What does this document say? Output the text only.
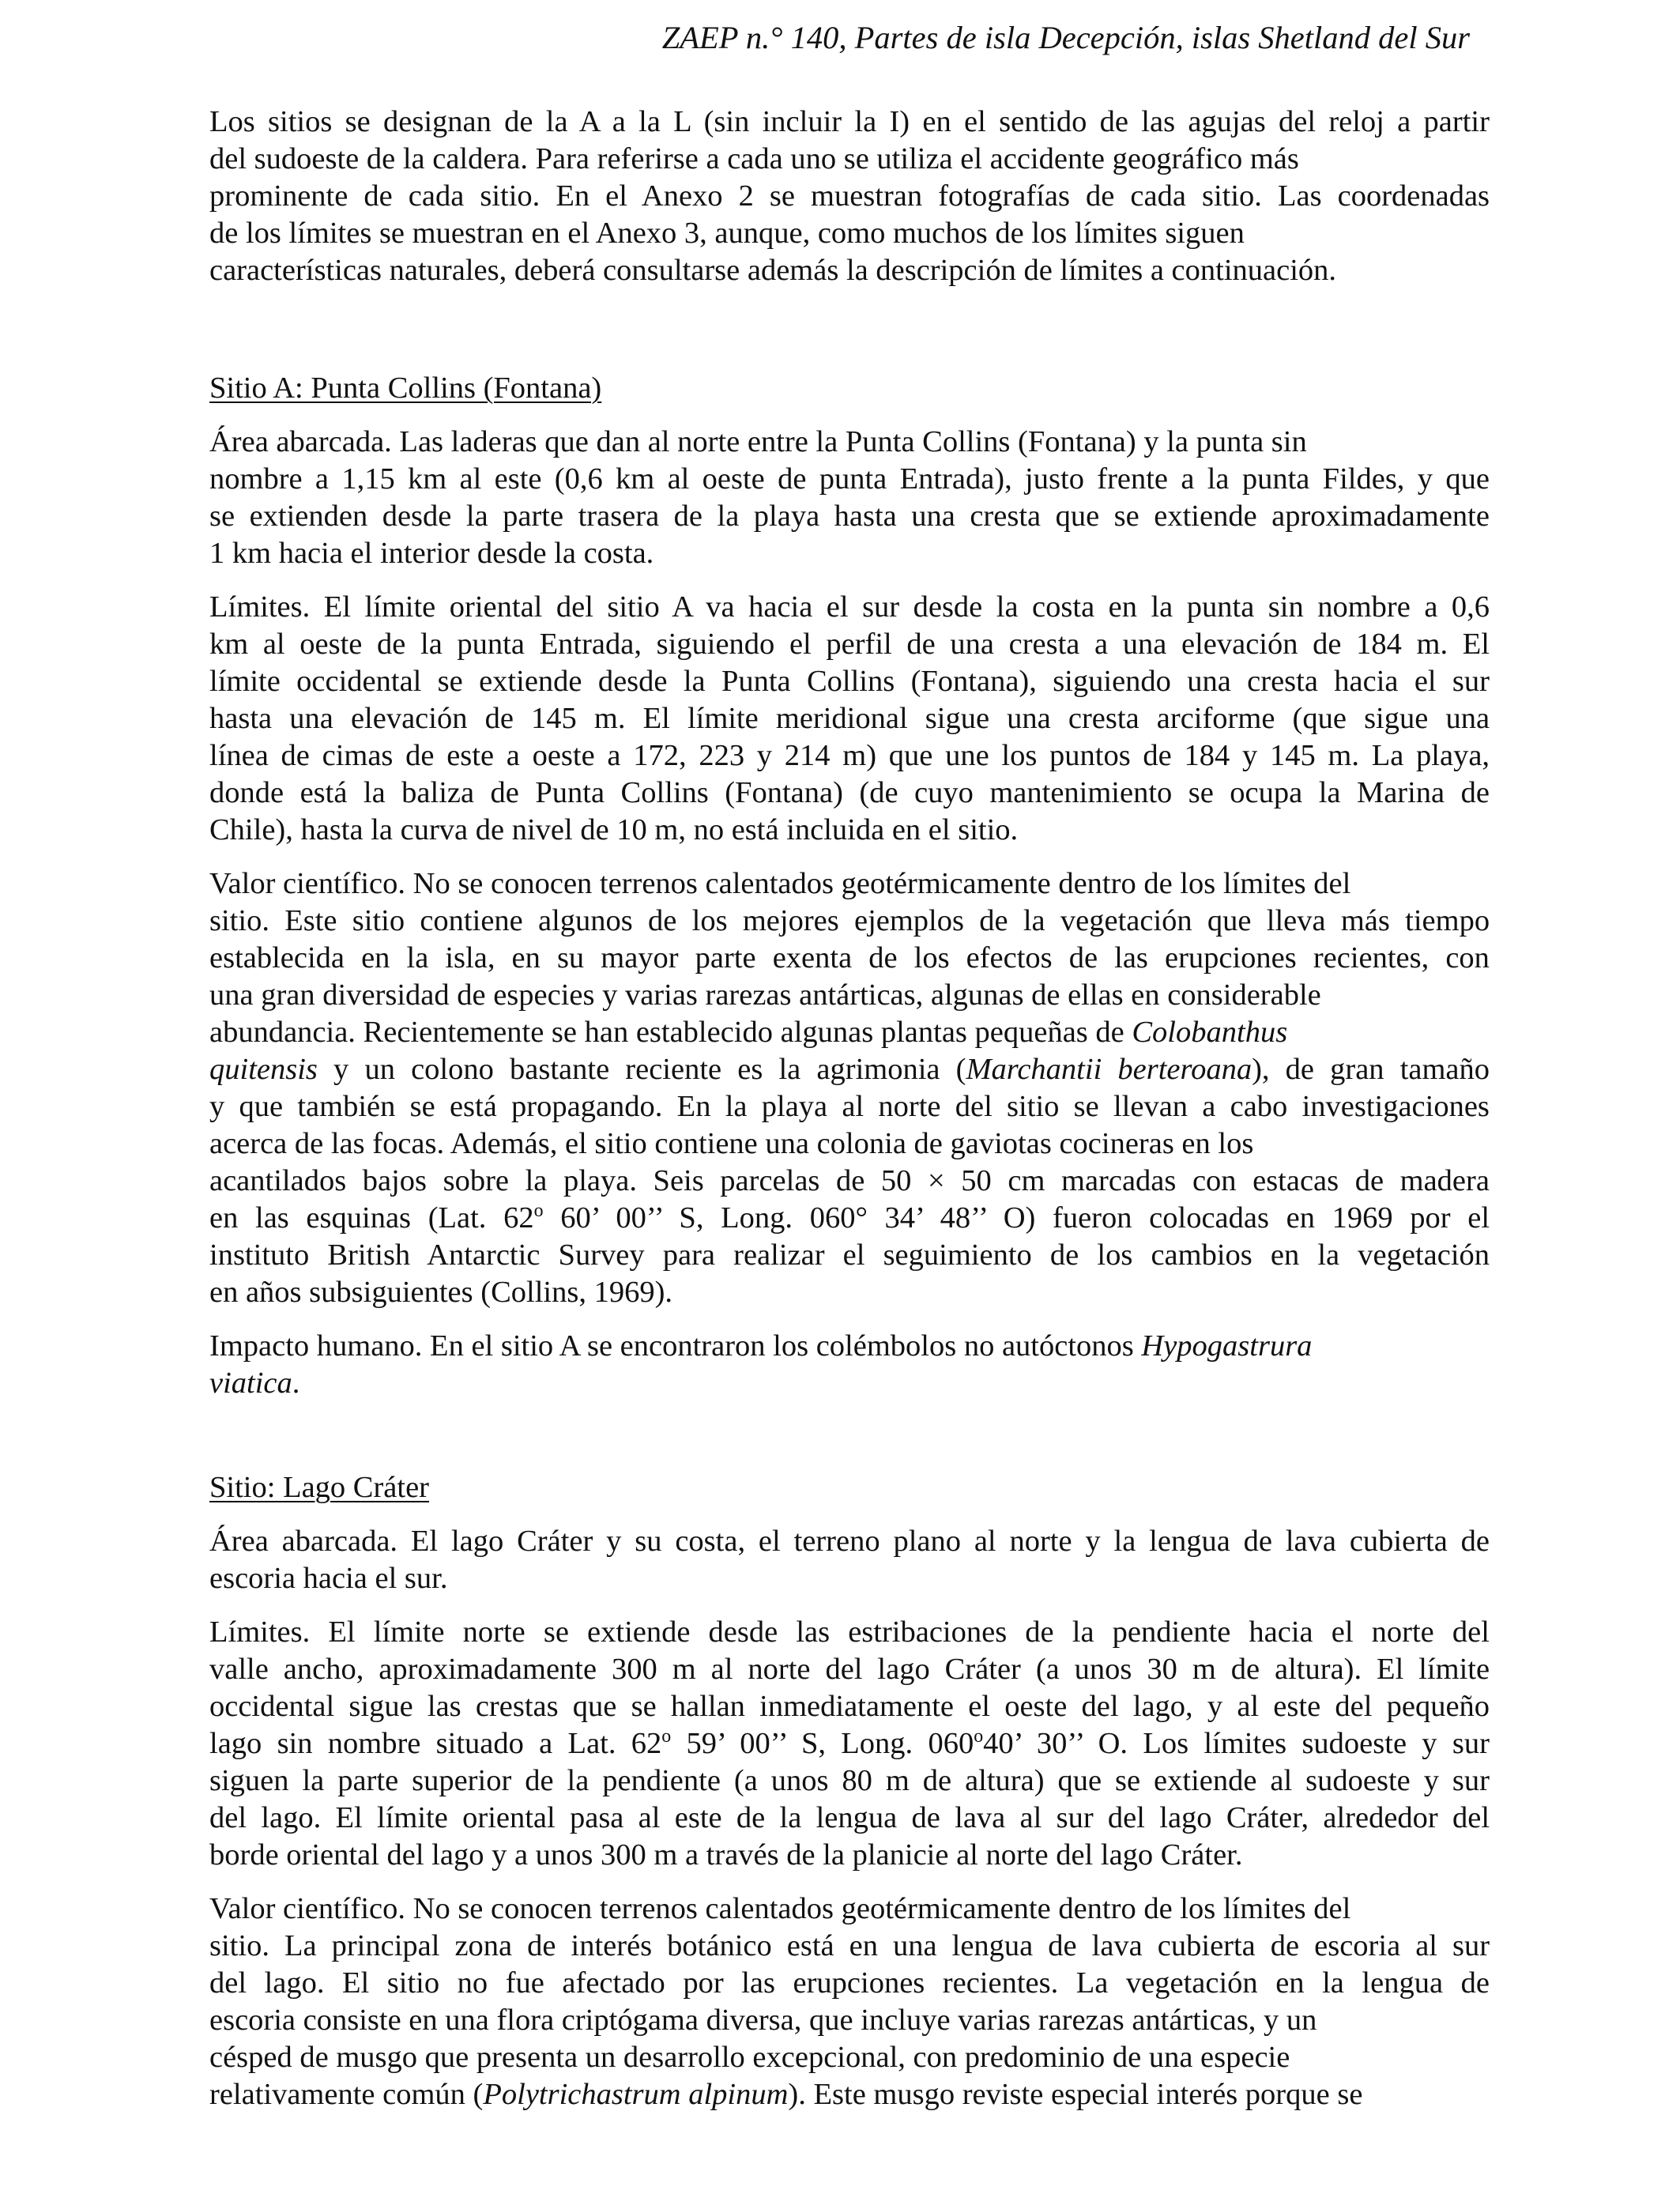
ZAEP n.° 140, Partes de isla Decepción, islas Shetland del Sur
Los sitios se designan de la A a la L (sin incluir la I) en el sentido de las agujas del reloj a partir
del sudoeste de la caldera. Para referirse a cada uno se utiliza el accidente geográfico más
prominente de cada sitio. En el Anexo 2 se muestran fotografías de cada sitio. Las coordenadas
de los límites se muestran en el Anexo 3, aunque, como muchos de los límites siguen
características naturales, deberá consultarse además la descripción de límites a continuación.
Sitio A: Punta Collins (Fontana)
Área abarcada. Las laderas que dan al norte entre la Punta Collins (Fontana) y la punta sin
nombre a 1,15 km al este (0,6 km al oeste de punta Entrada), justo frente a la punta Fildes, y que
se extienden desde la parte trasera de la playa hasta una cresta que se extiende aproximadamente
1 km hacia el interior desde la costa.
Límites. El límite oriental del sitio A va hacia el sur desde la costa en la punta sin nombre a 0,6
km al oeste de la punta Entrada, siguiendo el perfil de una cresta a una elevación de 184 m. El
límite occidental se extiende desde la Punta Collins (Fontana), siguiendo una cresta hacia el sur
hasta una elevación de 145 m. El límite meridional sigue una cresta arciforme (que sigue una
línea de cimas de este a oeste a 172, 223 y 214 m) que une los puntos de 184 y 145 m. La playa,
donde está la baliza de Punta Collins (Fontana) (de cuyo mantenimiento se ocupa la Marina de
Chile), hasta la curva de nivel de 10 m, no está incluida en el sitio.
Valor científico. No se conocen terrenos calentados geotérmicamente dentro de los límites del
sitio. Este sitio contiene algunos de los mejores ejemplos de la vegetación que lleva más tiempo
establecida en la isla, en su mayor parte exenta de los efectos de las erupciones recientes, con
una gran diversidad de especies y varias rarezas antárticas, algunas de ellas en considerable
abundancia. Recientemente se han establecido algunas plantas pequeñas de Colobanthus
quitensis y un colono bastante reciente es la agrimonia (Marchantii berteroana), de gran tamaño
y que también se está propagando. En la playa al norte del sitio se llevan a cabo investigaciones
acerca de las focas. Además, el sitio contiene una colonia de gaviotas cocineras en los
acantilados bajos sobre la playa. Seis parcelas de 50 × 50 cm marcadas con estacas de madera
en las esquinas (Lat. 62$^o$ 60’ 00’’ S, Long. 060° 34’ 48’’ O) fueron colocadas en 1969 por el
instituto British Antarctic Survey para realizar el seguimiento de los cambios en la vegetación
en años subsiguientes (Collins, 1969).
Impacto humano. En el sitio A se encontraron los colémbolos no autóctonos Hypogastrura
viatica.
Sitio: Lago Cráter
Área abarcada. El lago Cráter y su costa, el terreno plano al norte y la lengua de lava cubierta de
escoria hacia el sur.
Límites. El límite norte se extiende desde las estribaciones de la pendiente hacia el norte del
valle ancho, aproximadamente 300 m al norte del lago Cráter (a unos 30 m de altura). El límite
occidental sigue las crestas que se hallan inmediatamente el oeste del lago, y al este del pequeño
lago sin nombre situado a Lat. 62$^o$ 59’ 00’’ S, Long. 060$^o$40’ 30’’ O. Los límites sudoeste y sur
siguen la parte superior de la pendiente (a unos 80 m de altura) que se extiende al sudoeste y sur
del lago. El límite oriental pasa al este de la lengua de lava al sur del lago Cráter, alrededor del
borde oriental del lago y a unos 300 m a través de la planicie al norte del lago Cráter.
Valor científico. No se conocen terrenos calentados geotérmicamente dentro de los límites del
sitio. La principal zona de interés botánico está en una lengua de lava cubierta de escoria al sur
del lago. El sitio no fue afectado por las erupciones recientes. La vegetación en la lengua de
escoria consiste en una flora criptógama diversa, que incluye varias rarezas antárticas, y un
césped de musgo que presenta un desarrollo excepcional, con predominio de una especie
relativamente común (Polytrichastrum alpinum). Este musgo reviste especial interés porque se
